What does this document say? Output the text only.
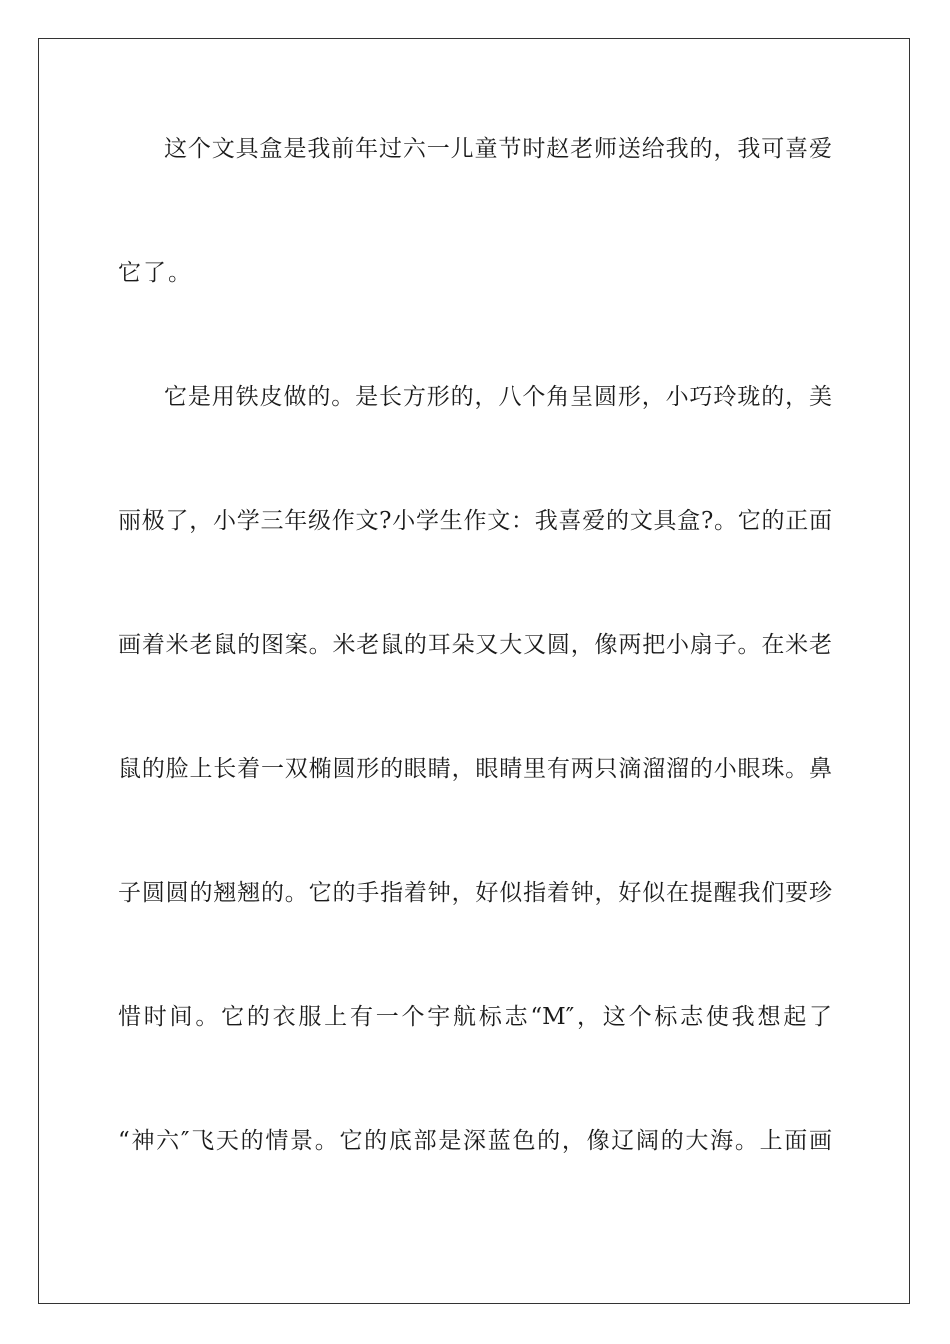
这个文具盒是我前年过六一儿童节时赵老师送给我的，我可喜爱
它了。
它是用铁皮做的。是长方形的，八个角呈圆形，小巧玲珑的，美
丽极了，小学三年级作文?小学生作文：我喜爱的文具盒?。它的正面
画着米老鼠的图案。米老鼠的耳朵又大又圆，像两把小扇子。在米老
鼠的脸上长着一双椭圆形的眼睛，眼睛里有两只滴溜溜的小眼珠。鼻
子圆圆的翘翘的。它的手指着钟，好似指着钟，好似在提醒我们要珍
惜时间。它的衣服上有一个宇航标志“M″，这个标志使我想起了
“神六″飞天的情景。它的底部是深蓝色的，像辽阔的大海。上面画
